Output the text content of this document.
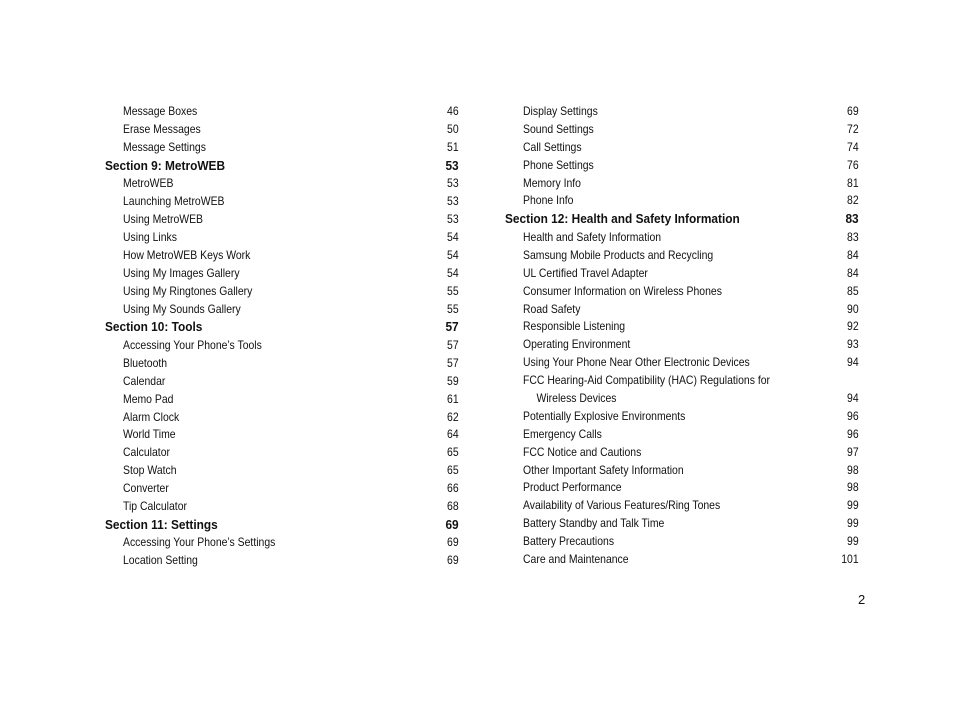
Message Boxes	46
Erase Messages	50
Message Settings	51
Section 9: MetroWEB	53
MetroWEB	53
Launching MetroWEB	53
Using MetroWEB	53
Using Links	54
How MetroWEB Keys Work	54
Using My Images Gallery	54
Using My Ringtones Gallery	55
Using My Sounds Gallery	55
Section 10: Tools	57
Accessing Your Phone’s Tools	57
Bluetooth	57
Calendar	59
Memo Pad	61
Alarm Clock	62
World Time	64
Calculator	65
Stop Watch	65
Converter	66
Tip Calculator	68
Section 11: Settings	69
Accessing Your Phone’s Settings	69
Location Setting	69
Display Settings	69
Sound Settings	72
Call Settings	74
Phone Settings	76
Memory Info	81
Phone Info	82
Section 12: Health and Safety Information	83
Health and Safety Information	83
Samsung Mobile Products and Recycling	84
UL Certified Travel Adapter	84
Consumer Information on Wireless Phones	85
Road Safety	90
Responsible Listening	92
Operating Environment	93
Using Your Phone Near Other Electronic Devices	94
FCC Hearing-Aid Compatibility (HAC) Regulations for
Wireless Devices	94
Potentially Explosive Environments	96
Emergency Calls	96
FCC Notice and Cautions	97
Other Important Safety Information	98
Product Performance	98
Availability of Various Features/Ring Tones	99
Battery Standby and Talk Time	99
Battery Precautions	99
Care and Maintenance	101
2
